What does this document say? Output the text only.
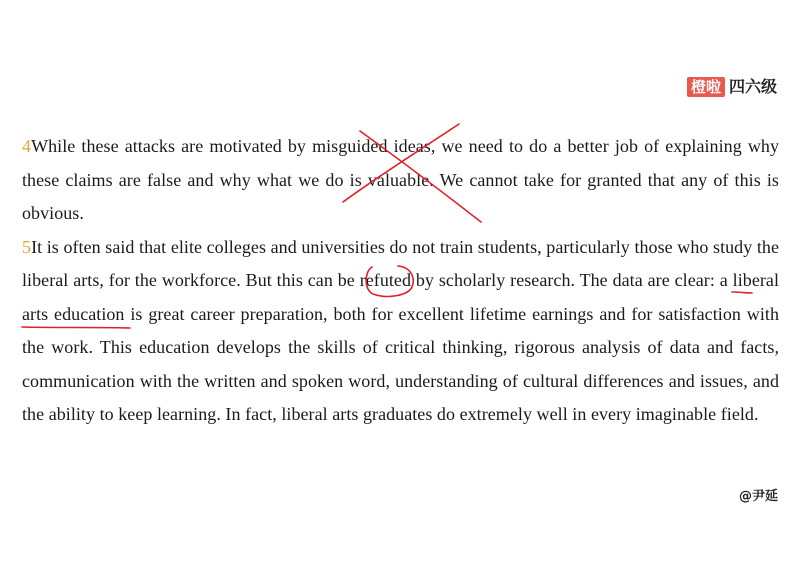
橙啦 四六级

4While these attacks are motivated by misguided ideas, we need to do a better job of explaining why these claims are false and why what we do is valuable. We cannot take for granted that any of this is obvious.

5It is often said that elite colleges and universities do not train students, particularly those who study the liberal arts, for the workforce. But this can be refuted by scholarly research. The data are clear: a liberal arts education is great career preparation, both for excellent lifetime earnings and for satisfaction with the work. This education develops the skills of critical thinking, rigorous analysis of data and facts, communication with the written and spoken word, understanding of cultural differences and issues, and the ability to keep learning. In fact, liberal arts graduates do extremely well in every imaginable field.

@尹延
